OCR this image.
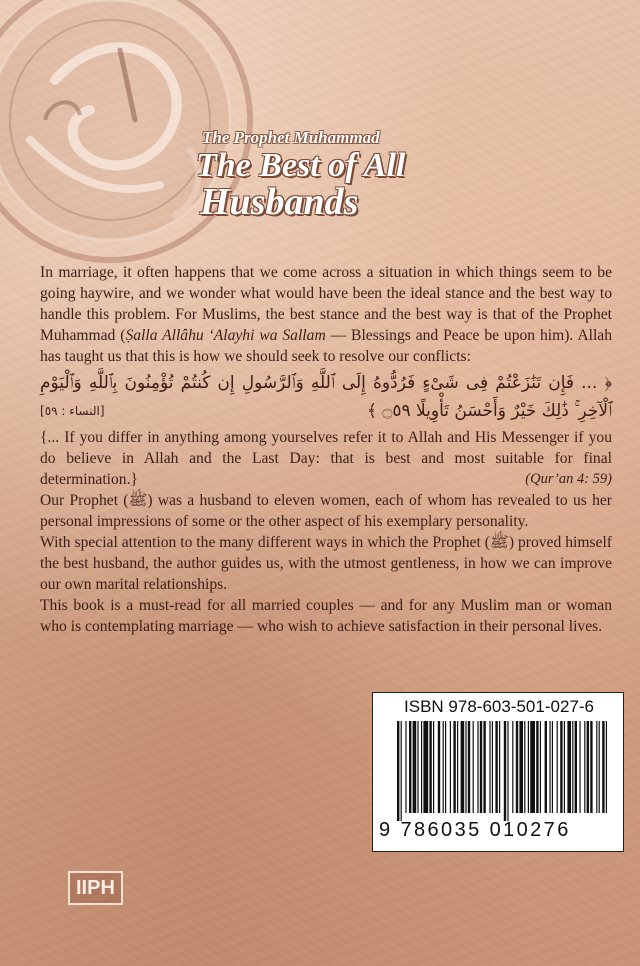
The Prophet Muhammad
The Best of All
Husbands

In marriage, it often happens that we come across a situation in which things seem to be going haywire, and we wonder what would have been the ideal stance and the best way to handle this problem. For Muslims, the best stance and the best way is that of the Prophet Muhammad (Ṣalla Allâhu ‘Alayhi wa Sallam — Blessings and Peace be upon him). Allah has taught us that this is how we should seek to resolve our conflicts:

﴿ ... فَإِن تَنَٰزَعْتُمْ فِى شَىْءٍ فَرُدُّوهُ إِلَى ٱللَّهِ وَٱلرَّسُولِ إِن كُنتُمْ تُؤْمِنُونَ بِٱللَّهِ وَٱلْيَوْمِ ٱلْآخِرِ ۚ ذَٰلِكَ خَيْرٌ وَأَحْسَنُ تَأْوِيلًا ۝٥٩ ﴾
[النساء : ٥٩]

{... If you differ in anything among yourselves refer it to Allah and His Messenger if you do believe in Allah and the Last Day: that is best and most suitable for final determination.}	(Qur’an 4: 59)

Our Prophet (ﷺ) was a husband to eleven women, each of whom has revealed to us her personal impressions of some or the other aspect of his exemplary personality.

With special attention to the many different ways in which the Prophet (ﷺ) proved himself the best husband, the author guides us, with the utmost gentleness, in how we can improve our own marital relationships.

This book is a must-read for all married couples — and for any Muslim man or woman who is contemplating marriage — who wish to achieve satisfaction in their personal lives.

ISBN 978-603-501-027-6
9 786035 010276
IIPH
